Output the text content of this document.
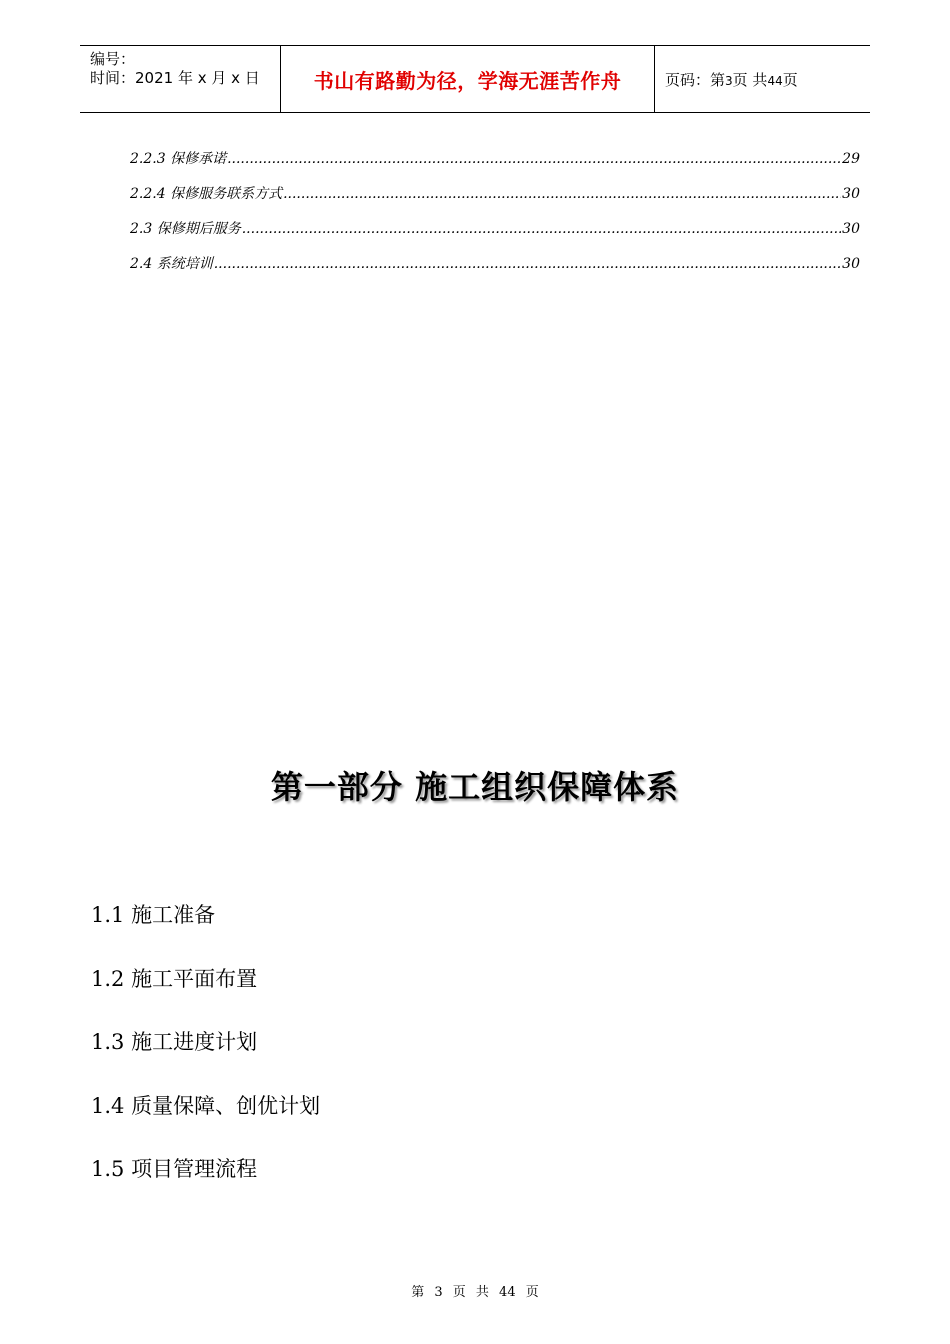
编号：
时间：2021 年 x 月 x 日	书山有路勤为径，学海无涯苦作舟	页码：第3页 共44页
2.2.3 保修承诺 .....	29
2.2.4 保修服务联系方式 .....	30
2.3 保修期后服务 .....	30
2.4 系统培训 .....	30
第一部分 施工组织保障体系
1.1 施工准备
1.2 施工平面布置
1.3 施工进度计划
1.4 质量保障、创优计划
1.5 项目管理流程
第 3 页 共 44 页
